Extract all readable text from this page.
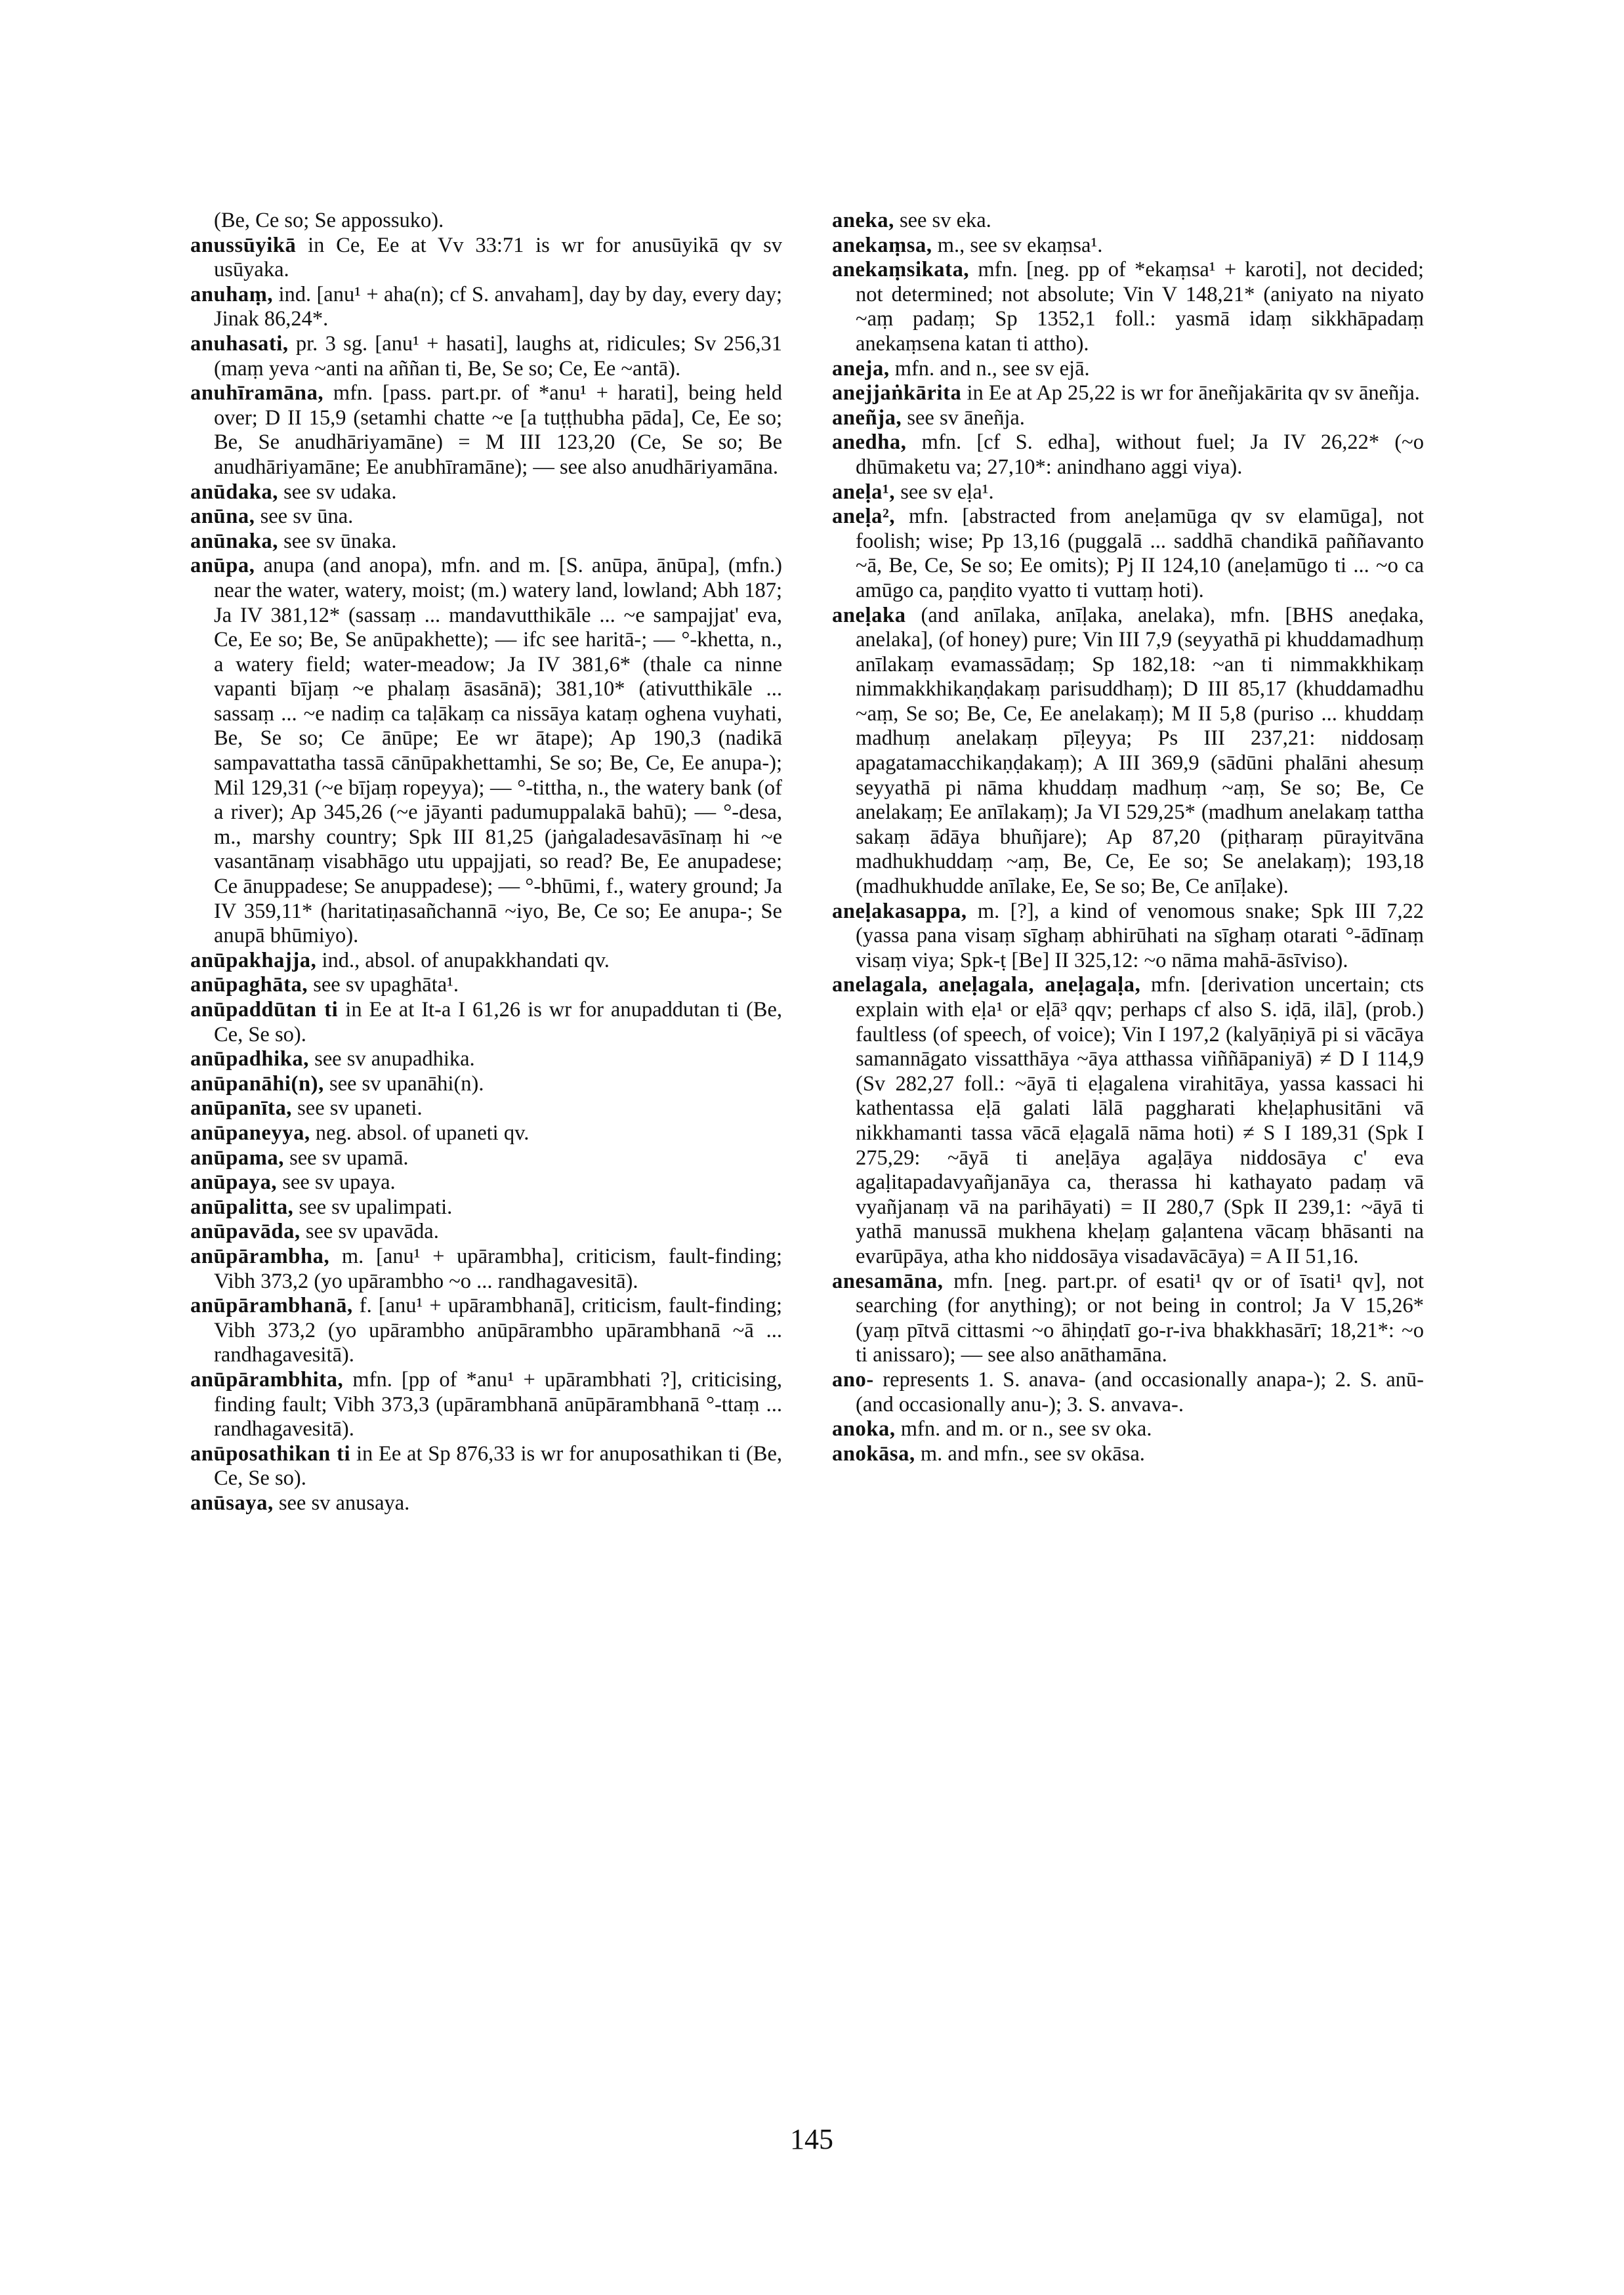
(Be, Ce so; Se appossuko).

anussūyikā in Ce, Ee at Vv 33:71 is wr for anusūyikā qv sv usūyaka.

anuhaṃ, ind. [anu¹ + aha(n); cf S. anvaham], day by day, every day; Jinak 86,24*.

anuhasati, pr. 3 sg. [anu¹ + hasati], laughs at, ridicules; Sv 256,31 (maṃ yeva ~anti na aññan ti, Be, Se so; Ce, Ee ~antā).

anuhīramāna, mfn. [pass. part.pr. of *anu¹ + harati], being held over; D II 15,9 (setamhi chatte ~e [a tuṭṭhubha pāda], Ce, Ee so; Be, Se anudhāriyamāne) = M III 123,20 (Ce, Se so; Be anudhāriyamāne; Ee anubhīramāne); — see also anudhāriyamāna.

anūdaka, see sv udaka.

anūna, see sv ūna.

anūnaka, see sv ūnaka.

anūpa, anupa (and anopa), mfn. and m. [S. anūpa, ānūpa], (mfn.) near the water, watery, moist; (m.) watery land, lowland; Abh 187; Ja IV 381,12* (sassaṃ ... mandavutthikāle ... ~e sampajjat' eva, Ce, Ee so; Be, Se anūpakhette); — ifc see haritā-; — °-khetta, n., a watery field; water-meadow; Ja IV 381,6* (thale ca ninne vapanti bījaṃ ~e phalaṃ āsasānā); 381,10* (ativutthikāle ... sassaṃ ... ~e nadiṃ ca taḷākaṃ ca nissāya kataṃ oghena vuyhati, Be, Se so; Ce ānūpe; Ee wr ātape); Ap 190,3 (nadikā sampavattatha tassā cānūpakhettamhi, Se so; Be, Ce, Ee anupa-); Mil 129,31 (~e bījaṃ ropeyya); — °-tittha, n., the watery bank (of a river); Ap 345,26 (~e jāyanti padumuppalakā bahū); — °-desa, m., marshy country; Spk III 81,25 (jaṅgaladesavāsīnaṃ hi ~e vasantānaṃ visabhāgo utu uppajjati, so read? Be, Ee anupadese; Ce ānuppadese; Se anuppadese); — °-bhūmi, f., watery ground; Ja IV 359,11* (haritatiṇasañchannā ~iyo, Be, Ce so; Ee anupa-; Se anupā bhūmiyo).

anūpakhajja, ind., absol. of anupakkhandati qv.

anūpaghāta, see sv upaghāta¹.

anūpaddūtan ti in Ee at It-a I 61,26 is wr for anupaddutan ti (Be, Ce, Se so).

anūpadhika, see sv anupadhika.

anūpanāhi(n), see sv upanāhi(n).

anūpanīta, see sv upaneti.

anūpaneyya, neg. absol. of upaneti qv.

anūpama, see sv upamā.

anūpaya, see sv upaya.

anūpalitta, see sv upalimpati.

anūpavāda, see sv upavāda.

anūpārambha, m. [anu¹ + upārambha], criticism, fault-finding; Vibh 373,2 (yo upārambho ~o ... randhagavesitā).

anūpārambhanā, f. [anu¹ + upārambhanā], criticism, fault-finding; Vibh 373,2 (yo upārambho anūpārambho upārambhanā ~ā ... randhagavesitā).

anūpārambhita, mfn. [pp of *anu¹ + upārambhati ?], criticising, finding fault; Vibh 373,3 (upārambhanā anūpārambhanā °-ttaṃ ... randhagavesitā).

anūposathikan ti in Ee at Sp 876,33 is wr for anuposathikan ti (Be, Ce, Se so).

anūsaya, see sv anusaya.

aneka, see sv eka.

anekaṃsa, m., see sv ekaṃsa¹.

anekaṃsikata, mfn. [neg. pp of *ekaṃsa¹ + karoti], not decided; not determined; not absolute; Vin V 148,21* (aniyato na niyato ~aṃ padaṃ; Sp 1352,1 foll.: yasmā idaṃ sikkhāpadaṃ anekaṃsena katan ti attho).

aneja, mfn. and n., see sv ejā.

anejjaṅkārita in Ee at Ap 25,22 is wr for āneñjakārita qv sv āneñja.

aneñja, see sv āneñja.

anedha, mfn. [cf S. edha], without fuel; Ja IV 26,22* (~o dhūmaketu va; 27,10*: anindhano aggi viya).

aneḷa¹, see sv eḷa¹.

aneḷa², mfn. [abstracted from aneḷamūga qv sv elamūga], not foolish; wise; Pp 13,16 (puggalā ... saddhā chandikā paññavanto ~ā, Be, Ce, Se so; Ee omits); Pj II 124,10 (aneḷamūgo ti ... ~o ca amūgo ca, paṇḍito vyatto ti vuttaṃ hoti).

aneḷaka (and anīlaka, anīḷaka, anelaka), mfn. [BHS aneḍaka, anelaka], (of honey) pure; Vin III 7,9 (seyyathā pi khuddamadhuṃ anīlakaṃ evamassādaṃ; Sp 182,18: ~an ti nimmakkhikaṃ nimmakkhikaṇḍakaṃ parisuddhaṃ); D III 85,17 (khuddamadhu ~aṃ, Se so; Be, Ce, Ee anelakaṃ); M II 5,8 (puriso ... khuddaṃ madhuṃ anelakaṃ pīḷeyya; Ps III 237,21: niddosaṃ apagatamacchikaṇḍakaṃ); A III 369,9 (sādūni phalāni ahesuṃ seyyathā pi nāma khuddaṃ madhuṃ ~aṃ, Se so; Be, Ce anelakaṃ; Ee anīlakaṃ); Ja VI 529,25* (madhum anelakaṃ tattha sakaṃ ādāya bhuñjare); Ap 87,20 (piṭharaṃ pūrayitvāna madhukhuddaṃ ~aṃ, Be, Ce, Ee so; Se anelakaṃ); 193,18 (madhukhudde anīlake, Ee, Se so; Be, Ce anīḷake).

aneḷakasappa, m. [?], a kind of venomous snake; Spk III 7,22 (yassa pana visaṃ sīghaṃ abhirūhati na sīghaṃ otarati °-ādīnaṃ visaṃ viya; Spk-ṭ [Be] II 325,12: ~o nāma mahā-āsīviso).

anelagala, aneḷagala, aneḷagaḷa, mfn. [derivation uncertain; cts explain with eḷa¹ or eḷā³ qqv; perhaps cf also S. iḍā, ilā], (prob.) faultless (of speech, of voice); Vin I 197,2 (kalyāṇiyā pi si vācāya samannāgato vissatthāya ~āya atthassa viññāpaniyā) ≠ D I 114,9 (Sv 282,27 foll.: ~āyā ti eḷagalena virahitāya, yassa kassaci hi kathentassa eḷā galati lālā paggharati kheḷaphusitāni vā nikkhamanti tassa vācā eḷagalā nāma hoti) ≠ S I 189,31 (Spk I 275,29: ~āyā ti aneḷāya agaḷāya niddosāya c' eva agaḷitapadavyañjanāya ca, therassa hi kathayato padaṃ vā vyañjanaṃ vā na parihāyati) = II 280,7 (Spk II 239,1: ~āyā ti yathā manussā mukhena kheḷaṃ gaḷantena vācaṃ bhāsanti na evarūpāya, atha kho niddosāya visadavācāya) = A II 51,16.

anesamāna, mfn. [neg. part.pr. of esati¹ qv or of īsati¹ qv], not searching (for anything); or not being in control; Ja V 15,26* (yaṃ pītvā cittasmi ~o āhiṇḍatī go-r-iva bhakkhasārī; 18,21*: ~o ti anissaro); — see also anāthamāna.

ano- represents 1. S. anava- (and occasionally anapa-); 2. S. anū- (and occasionally anu-); 3. S. anvava-.

anoka, mfn. and m. or n., see sv oka.

anokāsa, m. and mfn., see sv okāsa.

145
